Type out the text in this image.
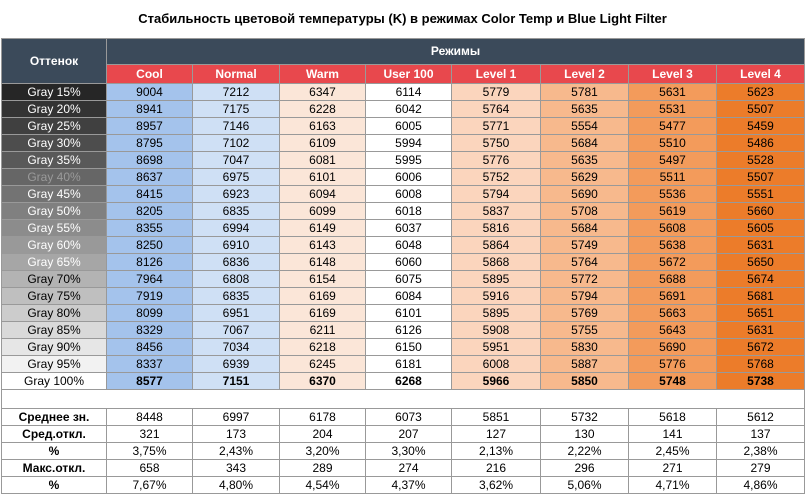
Стабильность цветовой температуры (K) в режимах Color Temp и Blue Light Filter
Оттенок	Режимы							
	Cool	Normal	Warm	User 100	Level 1	Level 2	Level 3	Level 4
Gray 15%	9004	7212	6347	6114	5779	5781	5631	5623
Gray 20%	8941	7175	6228	6042	5764	5635	5531	5507
Gray 25%	8957	7146	6163	6005	5771	5554	5477	5459
Gray 30%	8795	7102	6109	5994	5750	5684	5510	5486
Gray 35%	8698	7047	6081	5995	5776	5635	5497	5528
Gray 40%	8637	6975	6101	6006	5752	5629	5511	5507
Gray 45%	8415	6923	6094	6008	5794	5690	5536	5551
Gray 50%	8205	6835	6099	6018	5837	5708	5619	5660
Gray 55%	8355	6994	6149	6037	5816	5684	5608	5605
Gray 60%	8250	6910	6143	6048	5864	5749	5638	5631
Gray 65%	8126	6836	6148	6060	5868	5764	5672	5650
Gray 70%	7964	6808	6154	6075	5895	5772	5688	5674
Gray 75%	7919	6835	6169	6084	5916	5794	5691	5681
Gray 80%	8099	6951	6169	6101	5895	5769	5663	5651
Gray 85%	8329	7067	6211	6126	5908	5755	5643	5631
Gray 90%	8456	7034	6218	6150	5951	5830	5690	5672
Gray 95%	8337	6939	6245	6181	6008	5887	5776	5768
Gray 100%	8577	7151	6370	6268	5966	5850	5748	5738

Среднее зн.	8448	6997	6178	6073	5851	5732	5618	5612
Сред.откл.	321	173	204	207	127	130	141	137
%	3,75%	2,43%	3,20%	3,30%	2,13%	2,22%	2,45%	2,38%
Макс.откл.	658	343	289	274	216	296	271	279
%	7,67%	4,80%	4,54%	4,37%	3,62%	5,06%	4,71%	4,86%
